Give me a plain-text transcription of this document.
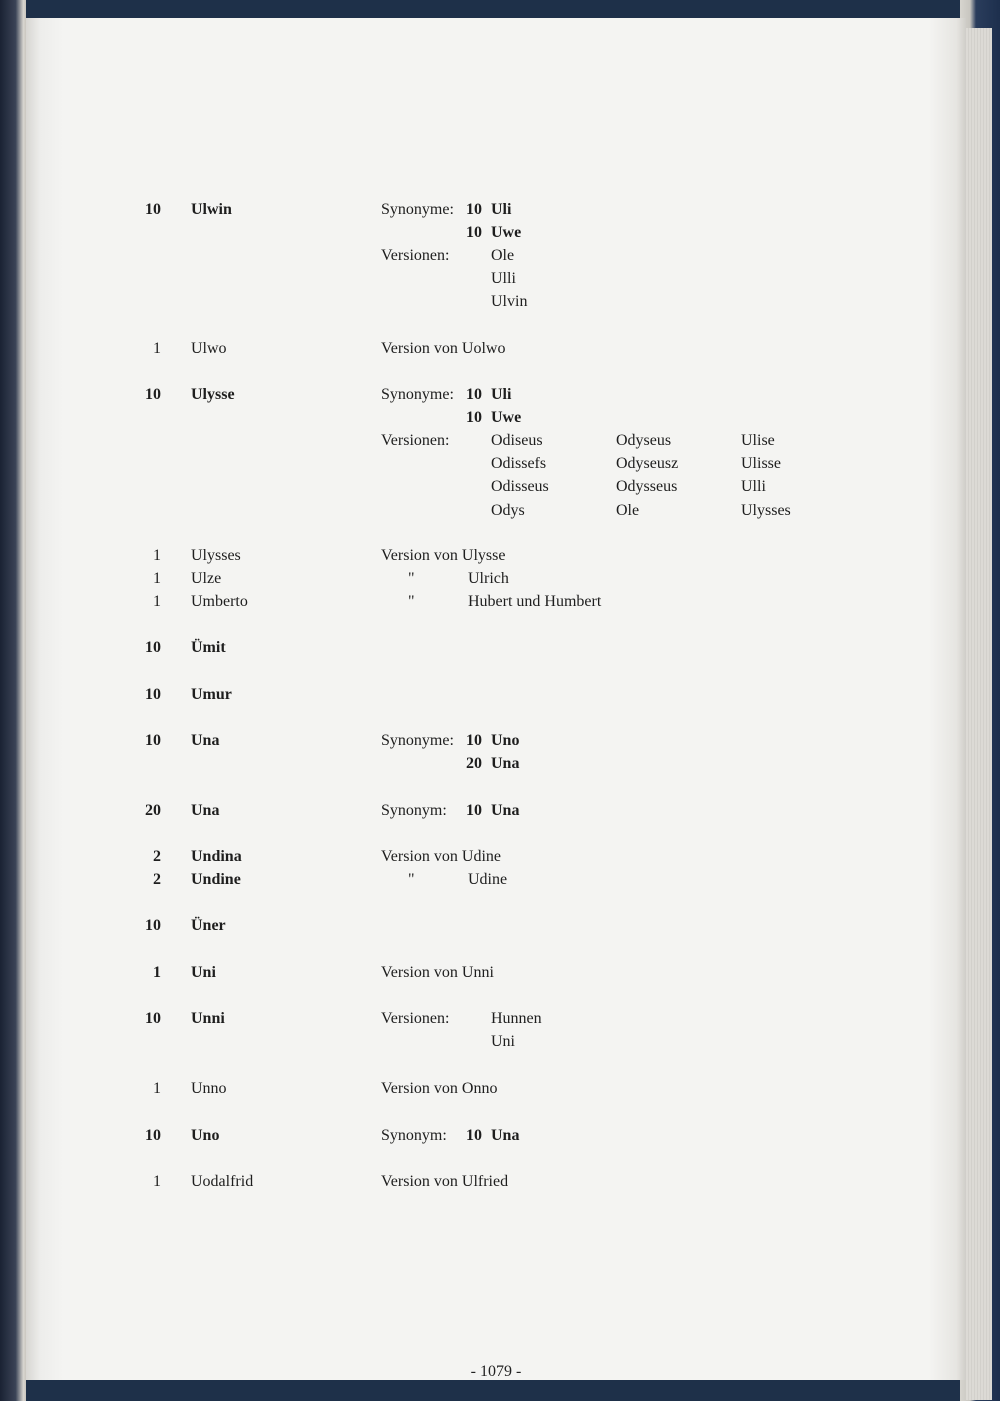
- 1079 -
10 Ulwin	Synonyme: 10 Uli
10 Uwe
Versionen:	Ole
Ulli
Ulvin
1 Ulwo	Version von Uolwo
10 Ulysse	Synonyme: 10 Uli
10 Uwe
Versionen:	Odiseus	Odyseus	Ulise
Odissefs	Odyseusz	Ulisse
Odisseus	Odysseus	Ulli
Odys	Ole	Ulysses
1 Ulysses	Version von Ulysse
1 Ulze	"	Ulrich
1 Umberto	"	Hubert und Humbert
10 Ümit
10 Umur
10 Una	Synonyme: 10 Uno
20 Una
20 Una	Synonym: 10 Una
2 Undina	Version von Udine
2 Undine	"	Udine
10 Üner
1 Uni	Version von Unni
10 Unni	Versionen:	Hunnen
Uni
1 Unno	Version von Onno
10 Uno	Synonym: 10 Una
1 Uodalfrid	Version von Ulfried
